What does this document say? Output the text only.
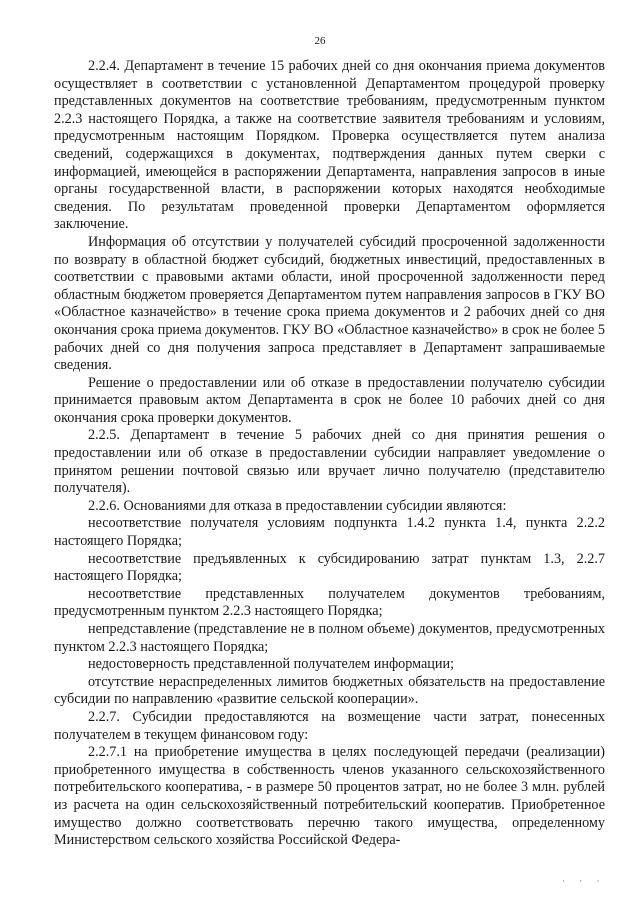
26

2.2.4. Департамент в течение 15 рабочих дней со дня окончания приема документов осуществляет в соответствии с установленной Департаментом процедурой проверку представленных документов на соответствие требованиям, предусмотренным пунктом 2.2.3 настоящего Порядка, а также на соответствие заявителя требованиям и условиям, предусмотренным настоящим Порядком. Проверка осуществляется путем анализа сведений, содержащихся в документах, подтверждения данных путем сверки с информацией, имеющейся в распоряжении Департамента, направления запросов в иные органы государственной власти, в распоряжении которых находятся необходимые сведения. По результатам проведенной проверки Департаментом оформляется заключение.

Информация об отсутствии у получателей субсидий просроченной задолженности по возврату в областной бюджет субсидий, бюджетных инвестиций, предоставленных в соответствии с правовыми актами области, иной просроченной задолженности перед областным бюджетом проверяется Департаментом путем направления запросов в ГКУ ВО «Областное казначейство» в течение срока приема документов и 2 рабочих дней со дня окончания срока приема документов. ГКУ ВО «Областное казначейство» в срок не более 5 рабочих дней со дня получения запроса представляет в Департамент запрашиваемые сведения.

Решение о предоставлении или об отказе в предоставлении получателю субсидии принимается правовым актом Департамента в срок не более 10 рабочих дней со дня окончания срока проверки документов.

2.2.5. Департамент в течение 5 рабочих дней со дня принятия решения о предоставлении или об отказе в предоставлении субсидии направляет уведомление о принятом решении почтовой связью или вручает лично получателю (представителю получателя).

2.2.6. Основаниями для отказа в предоставлении субсидии являются:

несоответствие получателя условиям подпункта 1.4.2 пункта 1.4, пункта 2.2.2 настоящего Порядка;

несоответствие предъявленных к субсидированию затрат пунктам 1.3, 2.2.7 настоящего Порядка;

несоответствие представленных получателем документов требованиям, предусмотренным пунктом 2.2.3 настоящего Порядка;

непредставление (представление не в полном объеме) документов, предусмотренных пунктом 2.2.3 настоящего Порядка;

недостоверность представленной получателем информации;

отсутствие нераспределенных лимитов бюджетных обязательств на предоставление субсидии по направлению «развитие сельской кооперации».

2.2.7. Субсидии предоставляются на возмещение части затрат, понесенных получателем в текущем финансовом году:

2.2.7.1 на приобретение имущества в целях последующей передачи (реализации) приобретенного имущества в собственность членов указанного сельскохозяйственного потребительского кооператива, - в размере 50 процентов затрат, но не более 3 млн. рублей из расчета на один сельскохозяйственный потребительский кооператив. Приобретенное имущество должно соответствовать перечню такого имущества, определенному Министерством сельского хозяйства Российской Федера-

· · ·
